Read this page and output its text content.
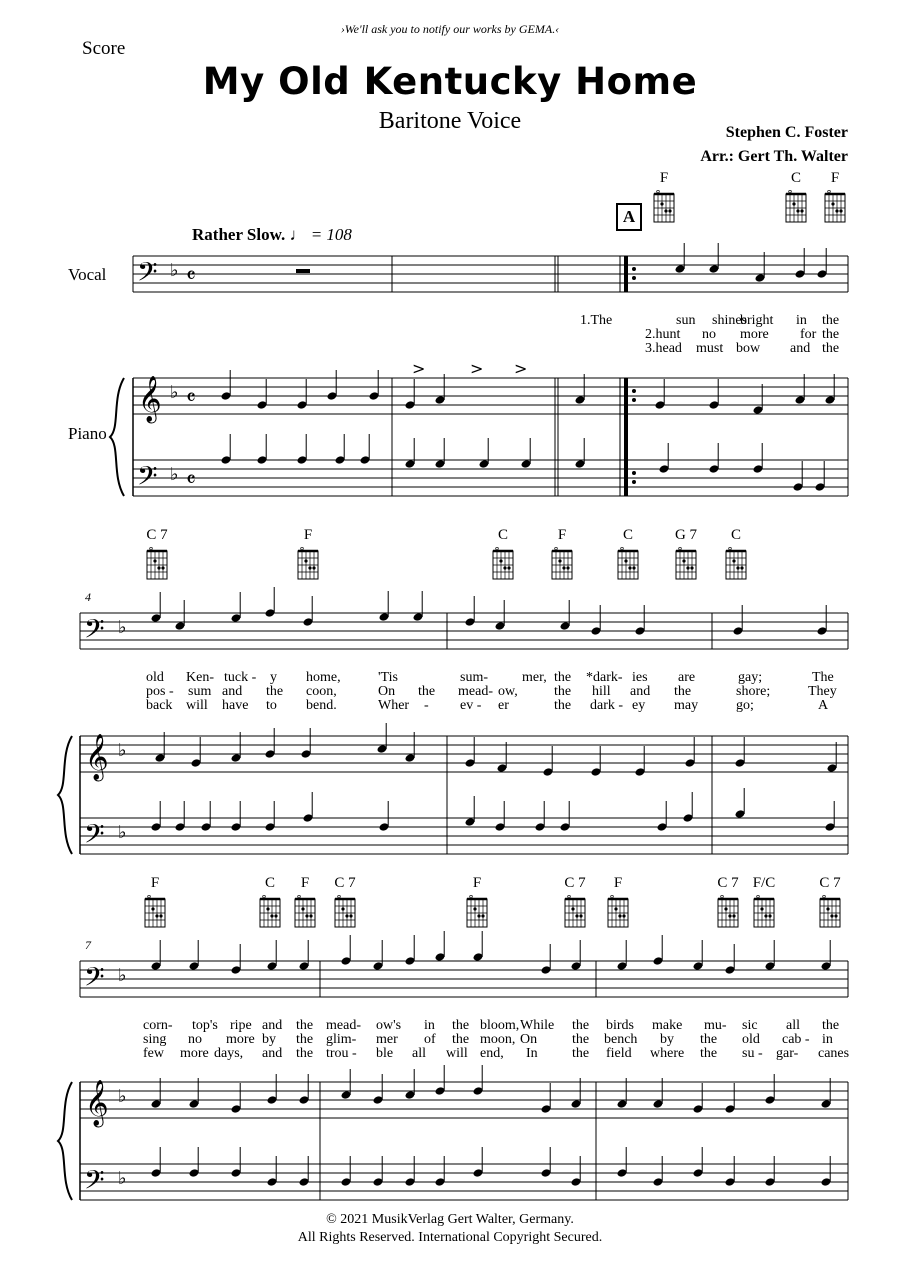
›We'll ask you to notify our works by GEMA.‹
Score
My Old Kentucky Home
Baritone Voice	Stephen C. Foster
Arr.: Gert Th. Walter
Rather Slow. ♩ = 108
A
Vocal
Piano
4
7
F	C	F
C 7	F	C	F	C	G 7	C
F	C	F	C 7	F	C 7	F	C 7 F/C	C 7
𝄢
𝄢
𝄞
♭ 𝄴
♭ 𝄴
♭ 𝄴
>	> >
𝄢
𝄢
𝄞
♭
♭
♭
𝄢
𝄢
𝄞
♭
♭
♭
1.The	sun shines
bright in the
2.hunt no more for the
3.head must bow and the
old Ken- tuck - y home,	'Tis	sum- mer, the *dark- ies are	gay;	The
pos - sum and the coon,	On the mead- ow,	the hill and the	shore;	They
back will have to bend.	Wher - ev - er	the dark - ey may	go;	A
corn- top's ripe and the mead- ow's in the bloom, While the birds make mu- sic all the
sing no more by the glim- mer of the moon, On the bench by the old cab - in
few more days, and the trou - ble all will end, In the field where the su - gar- canes
© 2021 MusikVerlag Gert Walter, Germany.
All Rights Reserved. International Copyright Secured.
